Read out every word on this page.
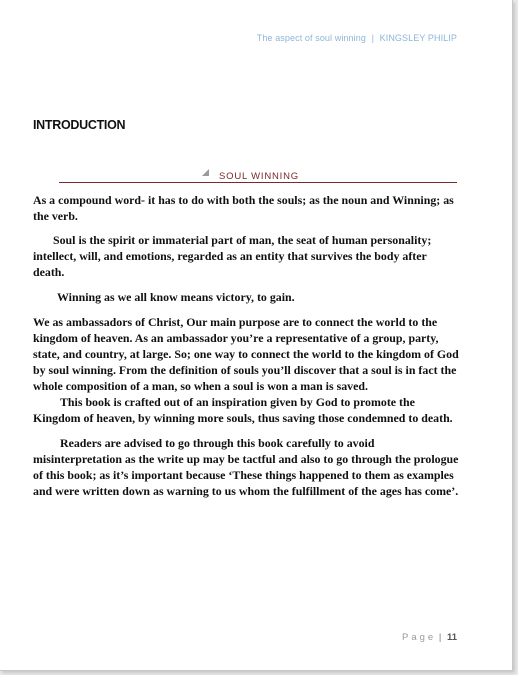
The aspect of soul winning | KINGSLEY PHILIP
INTRODUCTION
SOUL WINNING

As a compound word- it has to do with both the souls; as the noun and Winning; as the verb.

Soul is the spirit or immaterial part of man, the seat of human personality; intellect, will, and emotions, regarded as an entity that survives the body after death.

Winning as we all know means victory, to gain.

We as ambassadors of Christ, Our main purpose are to connect the world to the kingdom of heaven. As an ambassador you’re a representative of a group, party, state, and country, at large. So; one way to connect the world to the kingdom of God by soul winning. From the definition of souls you’ll discover that a soul is in fact the whole composition of a man, so when a soul is won a man is saved.

This book is crafted out of an inspiration given by God to promote the Kingdom of heaven, by winning more souls, thus saving those condemned to death.

Readers are advised to go through this book carefully to avoid misinterpretation as the write up may be tactful and also to go through the prologue of this book; as it’s important because ‘These things happened to them as examples and were written down as warning to us whom the fulfillment of the ages has come’.

Page | 11
